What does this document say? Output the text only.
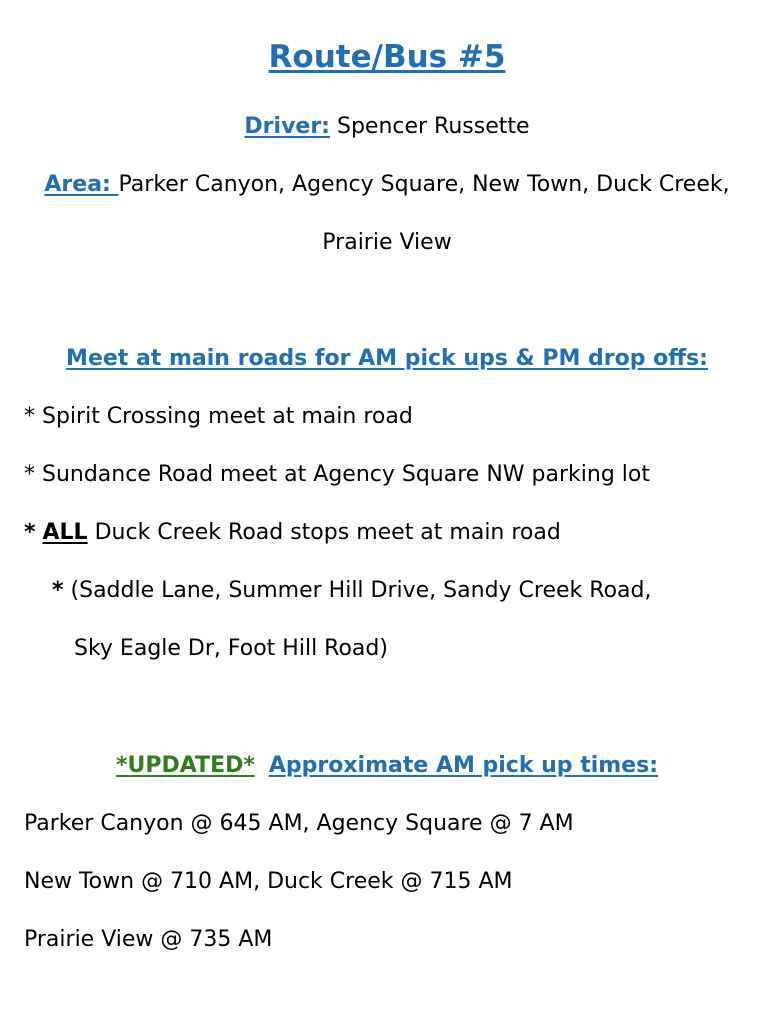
Route/Bus #5
Driver: Spencer Russette
Area: Parker Canyon, Agency Square, New Town, Duck Creek,
Prairie View
Meet at main roads for AM pick ups & PM drop offs:
* Spirit Crossing meet at main road
* Sundance Road meet at Agency Square NW parking lot
* ALL Duck Creek Road stops meet at main road
* (Saddle Lane, Summer Hill Drive, Sandy Creek Road,
Sky Eagle Dr, Foot Hill Road)
*UPDATED* Approximate AM pick up times:
Parker Canyon @ 645 AM, Agency Square @ 7 AM
New Town @ 710 AM, Duck Creek @ 715 AM
Prairie View @ 735 AM
